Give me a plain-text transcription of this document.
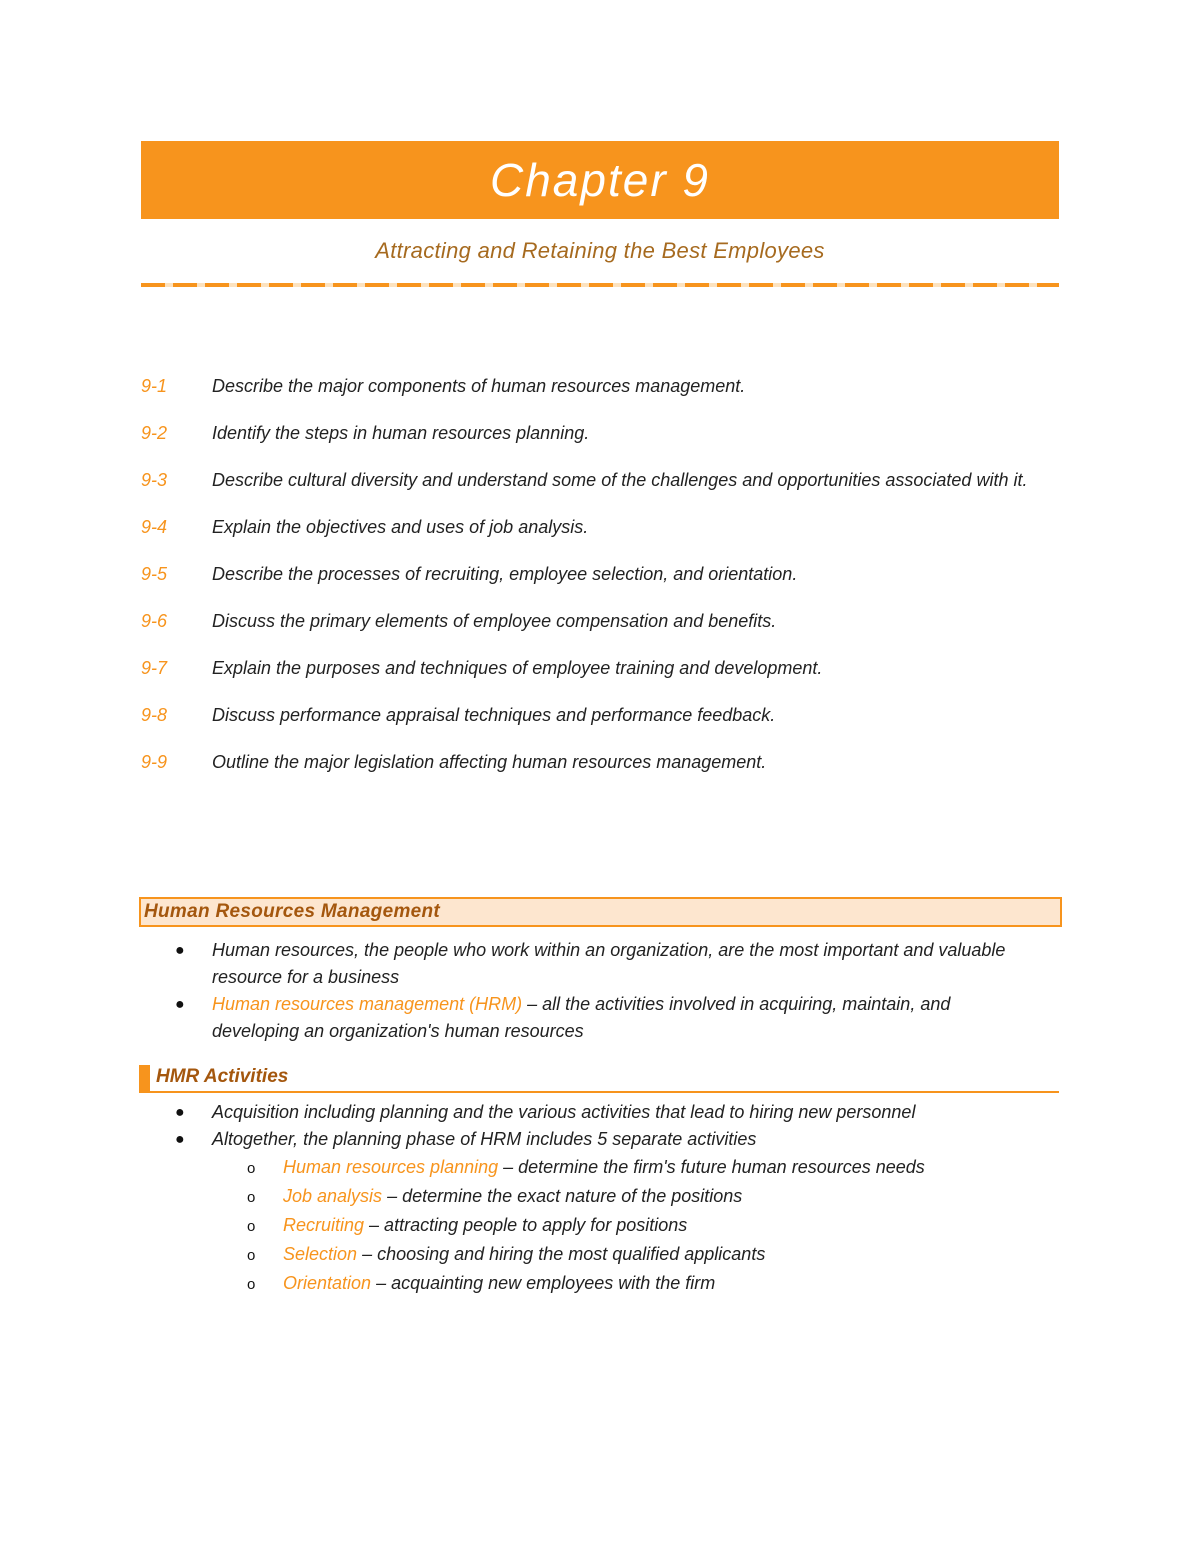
Chapter 9
Attracting and Retaining the Best Employees
9-1 Describe the major components of human resources management.
9-2 Identify the steps in human resources planning.
9-3 Describe cultural diversity and understand some of the challenges and opportunities associated with it.
9-4 Explain the objectives and uses of job analysis.
9-5 Describe the processes of recruiting, employee selection, and orientation.
9-6 Discuss the primary elements of employee compensation and benefits.
9-7 Explain the purposes and techniques of employee training and development.
9-8 Discuss performance appraisal techniques and performance feedback.
9-9 Outline the major legislation affecting human resources management.
Human Resources Management
● Human resources, the people who work within an organization, are the most important and valuable resource for a business
● Human resources management (HRM) – all the activities involved in acquiring, maintain, and developing an organization's human resources
HMR Activities
● Acquisition including planning and the various activities that lead to hiring new personnel
● Altogether, the planning phase of HRM includes 5 separate activities
o Human resources planning – determine the firm's future human resources needs
o Job analysis – determine the exact nature of the positions
o Recruiting – attracting people to apply for positions
o Selection – choosing and hiring the most qualified applicants
o Orientation – acquainting new employees with the firm
